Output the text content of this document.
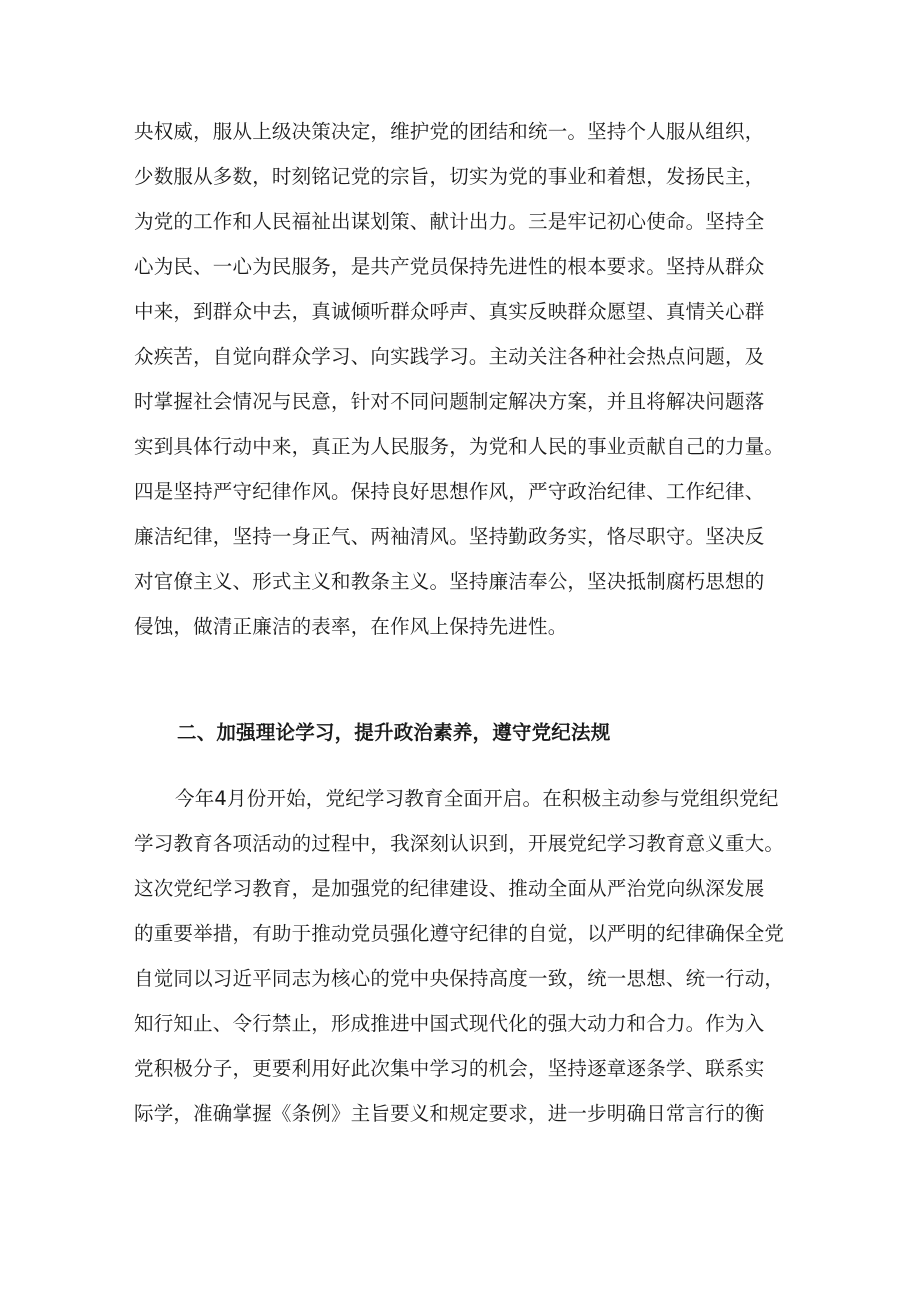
央权威，服从上级决策决定，维护党的团结和统一。坚持个人服从组织，
少数服从多数，时刻铭记党的宗旨，切实为党的事业和着想，发扬民主，
为党的工作和人民福祉出谋划策、献计出力。三是牢记初心使命。坚持全
心为民、一心为民服务，是共产党员保持先进性的根本要求。坚持从群众
中来，到群众中去，真诚倾听群众呼声、真实反映群众愿望、真情关心群
众疾苦，自觉向群众学习、向实践学习。主动关注各种社会热点问题，及
时掌握社会情况与民意，针对不同问题制定解决方案，并且将解决问题落
实到具体行动中来，真正为人民服务，为党和人民的事业贡献自己的力量。
四是坚持严守纪律作风。保持良好思想作风，严守政治纪律、工作纪律、
廉洁纪律，坚持一身正气、两袖清风。坚持勤政务实，恪尽职守。坚决反
对官僚主义、形式主义和教条主义。坚持廉洁奉公，坚决抵制腐朽思想的
侵蚀，做清正廉洁的表率，在作风上保持先进性。
二、加强理论学习，提升政治素养，遵守党纪法规
今年4月份开始，党纪学习教育全面开启。在积极主动参与党组织党纪
学习教育各项活动的过程中，我深刻认识到，开展党纪学习教育意义重大。
这次党纪学习教育，是加强党的纪律建设、推动全面从严治党向纵深发展
的重要举措，有助于推动党员强化遵守纪律的自觉，以严明的纪律确保全党
自觉同以习近平同志为核心的党中央保持高度一致，统一思想、统一行动，
知行知止、令行禁止，形成推进中国式现代化的强大动力和合力。作为入
党积极分子，更要利用好此次集中学习的机会，坚持逐章逐条学、联系实
际学，准确掌握《条例》主旨要义和规定要求，进一步明确日常言行的衡
